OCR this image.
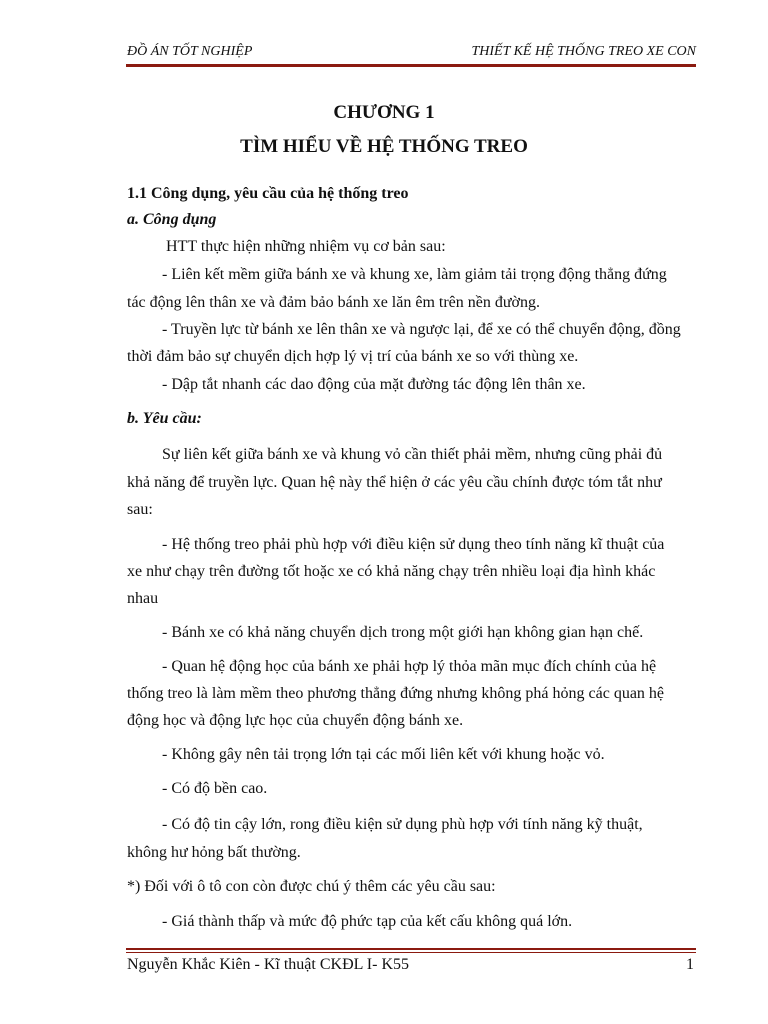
ĐỒ ÁN TỐT NGHIỆP	THIẾT KẾ HỆ THỐNG TREO XE CON
CHƯƠNG 1
TÌM HIỂU VỀ HỆ THỐNG TREO
1.1 Công dụng, yêu cầu của hệ thống treo
a. Công dụng
HTT thực hiện những nhiệm vụ cơ bản sau:
- Liên kết mềm giữa bánh xe và khung xe, làm giảm tải trọng động thẳng đứng
tác động lên thân xe và đảm bảo bánh xe lăn êm trên nền đường.
- Truyền lực từ bánh xe lên thân xe và ngược lại, để xe có thể chuyển động, đồng
thời đảm bảo sự chuyển dịch hợp lý vị trí của bánh xe so với thùng xe.
- Dập tắt nhanh các dao động của mặt đường tác động lên thân xe.
b. Yêu cầu:
Sự liên kết giữa bánh xe và khung vỏ cần thiết phải mềm, nhưng cũng phải đủ
khả năng để truyền lực. Quan hệ này thể hiện ở các yêu cầu chính được tóm tắt như
sau:
- Hệ thống treo phải phù hợp với điều kiện sử dụng theo tính năng kĩ thuật của
xe như chạy trên đường tốt hoặc xe có khả năng chạy trên nhiều loại địa hình khác
nhau
- Bánh xe có khả năng chuyển dịch trong một giới hạn không gian hạn chế.
- Quan hệ động học của bánh xe phải hợp lý thỏa mãn mục đích chính của hệ
thống treo là làm mềm theo phương thẳng đứng nhưng không phá hỏng các quan hệ
động học và động lực học của chuyển động bánh xe.
- Không gây nên tải trọng lớn tại các mối liên kết với khung hoặc vỏ.
- Có độ bền cao.
- Có độ tin cậy lớn, rong điều kiện sử dụng phù hợp với tính năng kỹ thuật,
không hư hỏng bất thường.
*) Đối với ô tô con còn được chú ý thêm các yêu cầu sau:
- Giá thành thấp và mức độ phức tạp của kết cấu không quá lớn.
Nguyễn Khắc Kiên - Kĩ thuật CKĐL I- K55	1
